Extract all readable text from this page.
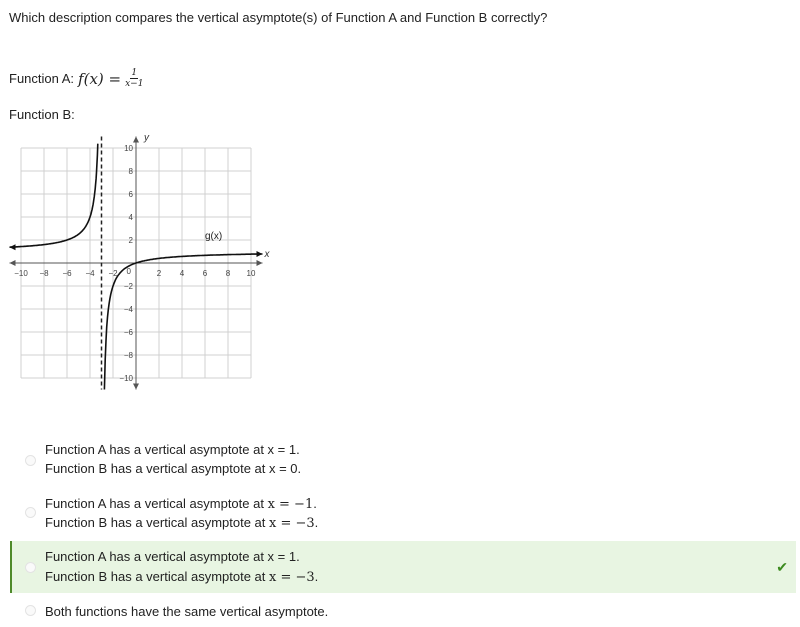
Which description compares the vertical asymptote(s) of Function A and Function B correctly?
Function A: $f(x) = \frac{1}{x-1}$
Function B:
x
y
−10 −8 −6 −4 −2	2 4 6 8 10
10
8
6
4
2
−2
−4
−6
−8
−10
0
g(x)
Function A has a vertical asymptote at x = 1.
Function B has a vertical asymptote at x = 0.
Function A has a vertical asymptote at x = −1.
Function B has a vertical asymptote at x = −3.
Function A has a vertical asymptote at x = 1.
Function B has a vertical asymptote at x = −3.
✔
Both functions have the same vertical asymptote.
